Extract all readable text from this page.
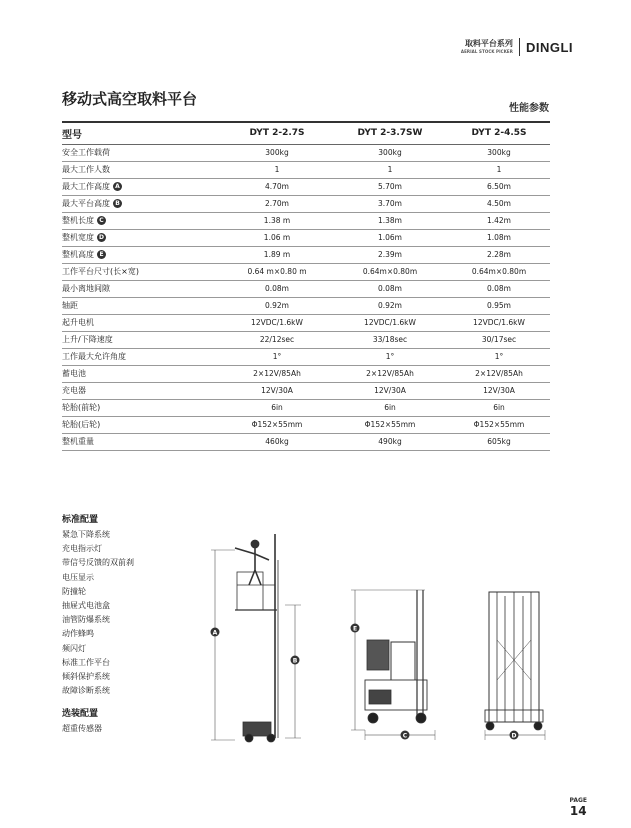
取料平台系列
AERIAL STOCK PICKER DINGLI
移动式高空取料平台
性能参数
型号	DYT 2-2.7S	DYT 2-3.7SW	DYT 2-4.5S
安全工作载荷	300kg	300kg	300kg
最大工作人数	1	1	1
最大工作高度 A	4.70m	5.70m	6.50m
最大平台高度 B	2.70m	3.70m	4.50m
整机长度 C	1.38 m	1.38m	1.42m
整机宽度 D	1.06 m	1.06m	1.08m
整机高度 E	1.89 m	2.39m	2.28m
工作平台尺寸(长×宽)	0.64 m×0.80 m	0.64m×0.80m	0.64m×0.80m
最小离地间隙	0.08m	0.08m	0.08m
轴距	0.92m	0.92m	0.95m
起升电机	12VDC/1.6kW	12VDC/1.6kW	12VDC/1.6kW
上升/下降速度	22/12sec	33/18sec	30/17sec
工作最大允许角度	1°	1°	1°
蓄电池	2×12V/85Ah	2×12V/85Ah	2×12V/85Ah
充电器	12V/30A	12V/30A	12V/30A
轮胎(前轮)	6in	6in	6in
轮胎(后轮)	Φ152×55mm	Φ152×55mm	Φ152×55mm
整机重量	460kg	490kg	605kg
标准配置
紧急下降系统
充电指示灯
带信号反馈的双前刹
电压显示
防撞轮
抽屉式电池盒
油管防爆系统
动作蜂鸣
频闪灯
标准工作平台
倾斜保护系统
故障诊断系统
选装配置
超重传感器
A
B
E
C	D
PAGE
14
